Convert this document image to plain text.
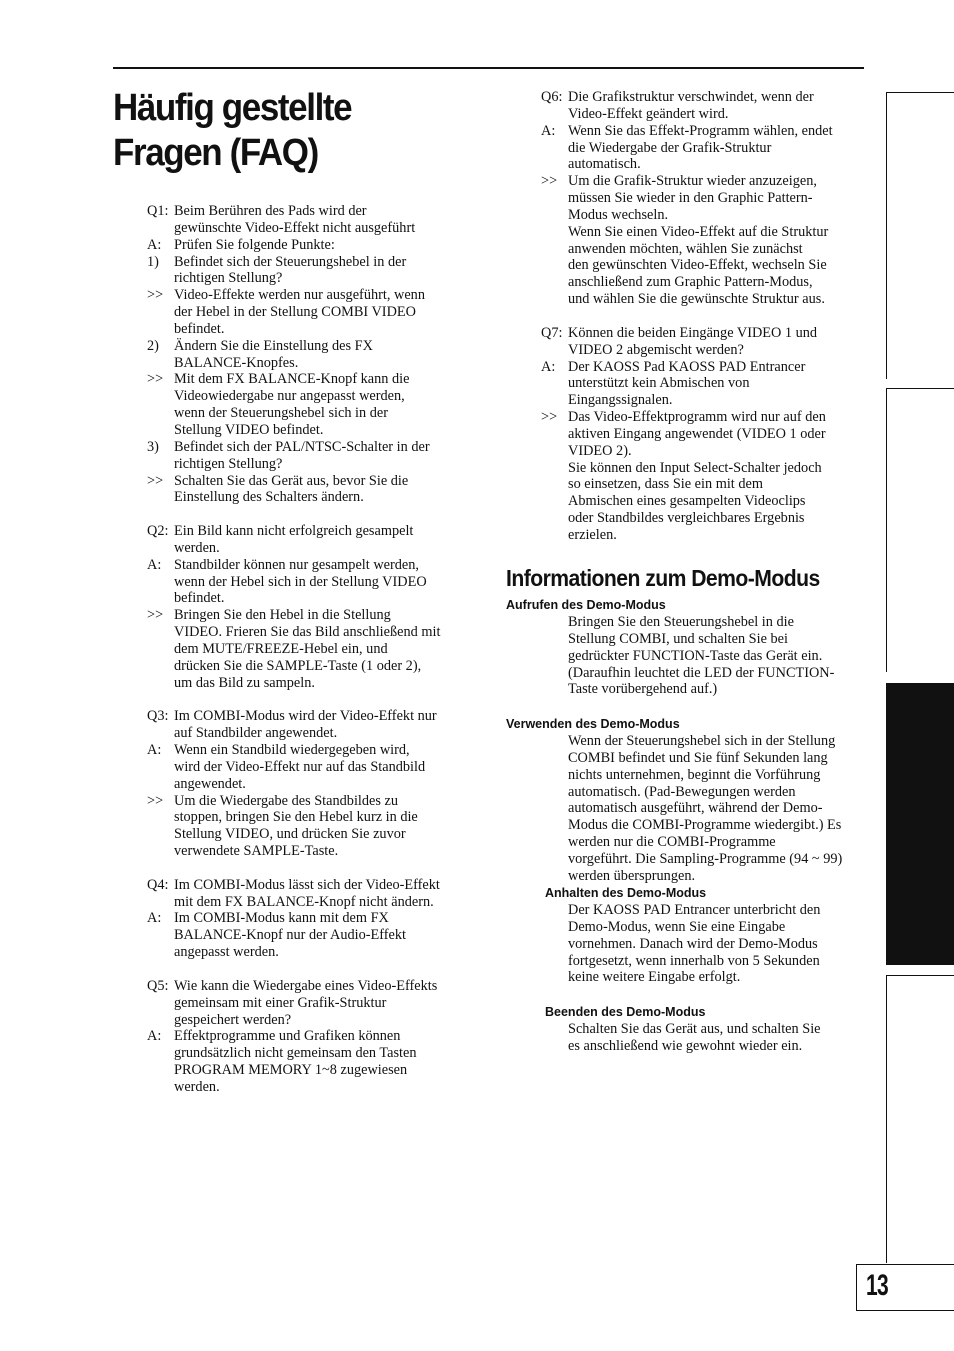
Häufig gestellte
Fragen (FAQ)
Q1: Beim Berühren des Pads wird der
gewünschte Video-Effekt nicht ausgeführt
A: Prüfen Sie folgende Punkte:
1) Befindet sich der Steuerungshebel in der
richtigen Stellung?
>> Video-Effekte werden nur ausgeführt, wenn
der Hebel in der Stellung COMBI VIDEO
befindet.
2) Ändern Sie die Einstellung des FX
BALANCE-Knopfes.
>> Mit dem FX BALANCE-Knopf kann die
Videowiedergabe nur angepasst werden,
wenn der Steuerungshebel sich in der
Stellung VIDEO befindet.
3) Befindet sich der PAL/NTSC-Schalter in der
richtigen Stellung?
>> Schalten Sie das Gerät aus, bevor Sie die
Einstellung des Schalters ändern.
Q2: Ein Bild kann nicht erfolgreich gesampelt
werden.
A: Standbilder können nur gesampelt werden,
wenn der Hebel sich in der Stellung VIDEO
befindet.
>> Bringen Sie den Hebel in die Stellung
VIDEO. Frieren Sie das Bild anschließend mit
dem MUTE/FREEZE-Hebel ein, und
drücken Sie die SAMPLE-Taste (1 oder 2),
um das Bild zu sampeln.
Q3: Im COMBI-Modus wird der Video-Effekt nur
auf Standbilder angewendet.
A: Wenn ein Standbild wiedergegeben wird,
wird der Video-Effekt nur auf das Standbild
angewendet.
>> Um die Wiedergabe des Standbildes zu
stoppen, bringen Sie den Hebel kurz in die
Stellung VIDEO, und drücken Sie zuvor
verwendete SAMPLE-Taste.
Q4: Im COMBI-Modus lässt sich der Video-Effekt
mit dem FX BALANCE-Knopf nicht ändern.
A: Im COMBI-Modus kann mit dem FX
BALANCE-Knopf nur der Audio-Effekt
angepasst werden.
Q5: Wie kann die Wiedergabe eines Video-Effekts
gemeinsam mit einer Grafik-Struktur
gespeichert werden?
A: Effektprogramme und Grafiken können
grundsätzlich nicht gemeinsam den Tasten
PROGRAM MEMORY 1~8 zugewiesen
werden.
Q6: Die Grafikstruktur verschwindet, wenn der
Video-Effekt geändert wird.
A: Wenn Sie das Effekt-Programm wählen, endet
die Wiedergabe der Grafik-Struktur
automatisch.
>> Um die Grafik-Struktur wieder anzuzeigen,
müssen Sie wieder in den Graphic Pattern-
Modus wechseln.
Wenn Sie einen Video-Effekt auf die Struktur
anwenden möchten, wählen Sie zunächst
den gewünschten Video-Effekt, wechseln Sie
anschließend zum Graphic Pattern-Modus,
und wählen Sie die gewünschte Struktur aus.
Q7: Können die beiden Eingänge VIDEO 1 und
VIDEO 2 abgemischt werden?
A: Der KAOSS Pad KAOSS PAD Entrancer
unterstützt kein Abmischen von
Eingangssignalen.
>> Das Video-Effektprogramm wird nur auf den
aktiven Eingang angewendet (VIDEO 1 oder
VIDEO 2).
Sie können den Input Select-Schalter jedoch
so einsetzen, dass Sie ein mit dem
Abmischen eines gesampelten Videoclips
oder Standbildes vergleichbares Ergebnis
erzielen.
Informationen zum Demo-Modus
Aufrufen des Demo-Modus
Bringen Sie den Steuerungshebel in die
Stellung COMBI, und schalten Sie bei
gedrückter FUNCTION-Taste das Gerät ein.
(Daraufhin leuchtet die LED der FUNCTION-
Taste vorübergehend auf.)
Verwenden des Demo-Modus
Wenn der Steuerungshebel sich in der Stellung
COMBI befindet und Sie fünf Sekunden lang
nichts unternehmen, beginnt die Vorführung
automatisch. (Pad-Bewegungen werden
automatisch ausgeführt, während der Demo-
Modus die COMBI-Programme wiedergibt.) Es
werden nur die COMBI-Programme
vorgeführt. Die Sampling-Programme (94 ~ 99)
werden übersprungen.
Anhalten des Demo-Modus
Der KAOSS PAD Entrancer unterbricht den
Demo-Modus, wenn Sie eine Eingabe
vornehmen. Danach wird der Demo-Modus
fortgesetzt, wenn innerhalb von 5 Sekunden
keine weitere Eingabe erfolgt.
Beenden des Demo-Modus
Schalten Sie das Gerät aus, und schalten Sie
es anschließend wie gewohnt wieder ein.
13
